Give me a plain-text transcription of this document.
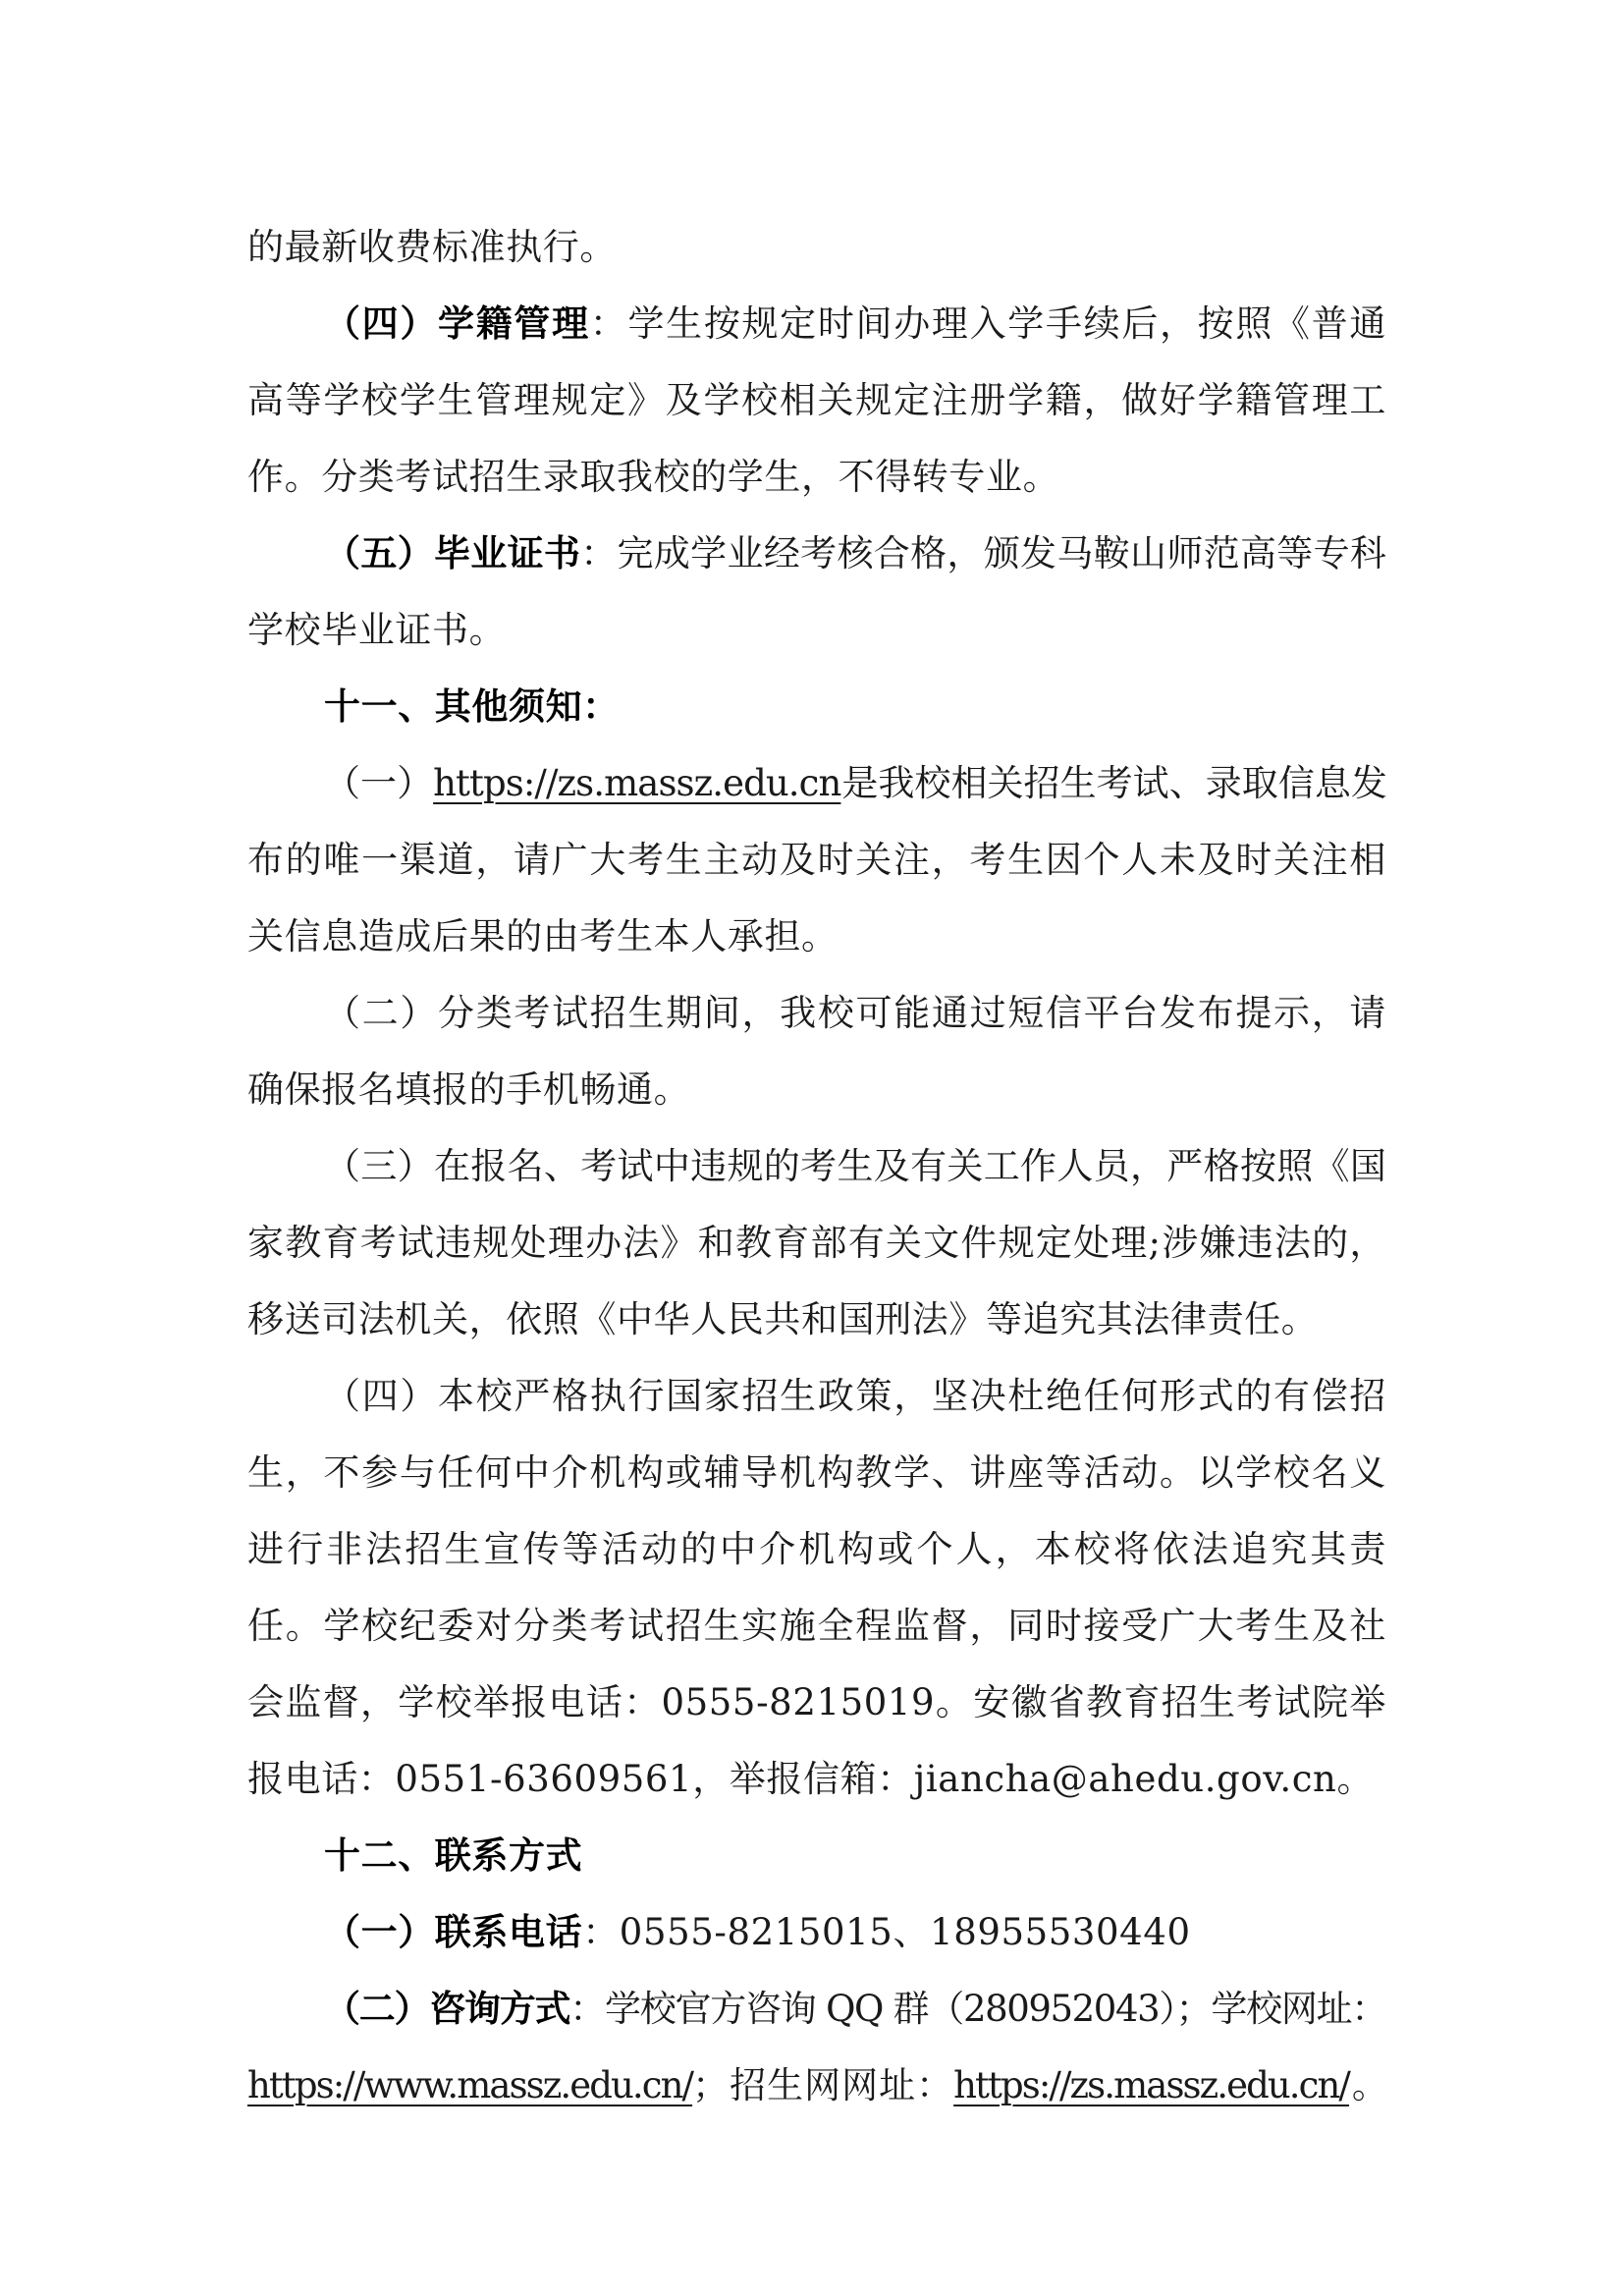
的最新收费标准执行。
（四）学籍管理：学生按规定时间办理入学手续后，按照《普通
高等学校学生管理规定》及学校相关规定注册学籍，做好学籍管理工
作。分类考试招生录取我校的学生，不得转专业。
（五）毕业证书：完成学业经考核合格，颁发马鞍山师范高等专科
学校毕业证书。
十一、其他须知：
（一）https://zs.massz.edu.cn是我校相关招生考试、录取信息发
布的唯一渠道，请广大考生主动及时关注，考生因个人未及时关注相
关信息造成后果的由考生本人承担。
（二）分类考试招生期间，我校可能通过短信平台发布提示，请
确保报名填报的手机畅通。
（三）在报名、考试中违规的考生及有关工作人员，严格按照《国
家教育考试违规处理办法》和教育部有关文件规定处理;涉嫌违法的，
移送司法机关，依照《中华人民共和国刑法》等追究其法律责任。
（四）本校严格执行国家招生政策，坚决杜绝任何形式的有偿招
生，不参与任何中介机构或辅导机构教学、讲座等活动。以学校名义
进行非法招生宣传等活动的中介机构或个人，本校将依法追究其责
任。学校纪委对分类考试招生实施全程监督，同时接受广大考生及社
会监督，学校举报电话：0555-8215019。安徽省教育招生考试院举
报电话：0551-63609561，举报信箱：jiancha@ahedu.gov.cn。
十二、联系方式
（一）联系电话：0555-8215015、18955530440
（二）咨询方式：学校官方咨询 QQ 群（280952043）；学校网址：
https://www.massz.edu.cn/；招生网网址：https://zs.massz.edu.cn/。
